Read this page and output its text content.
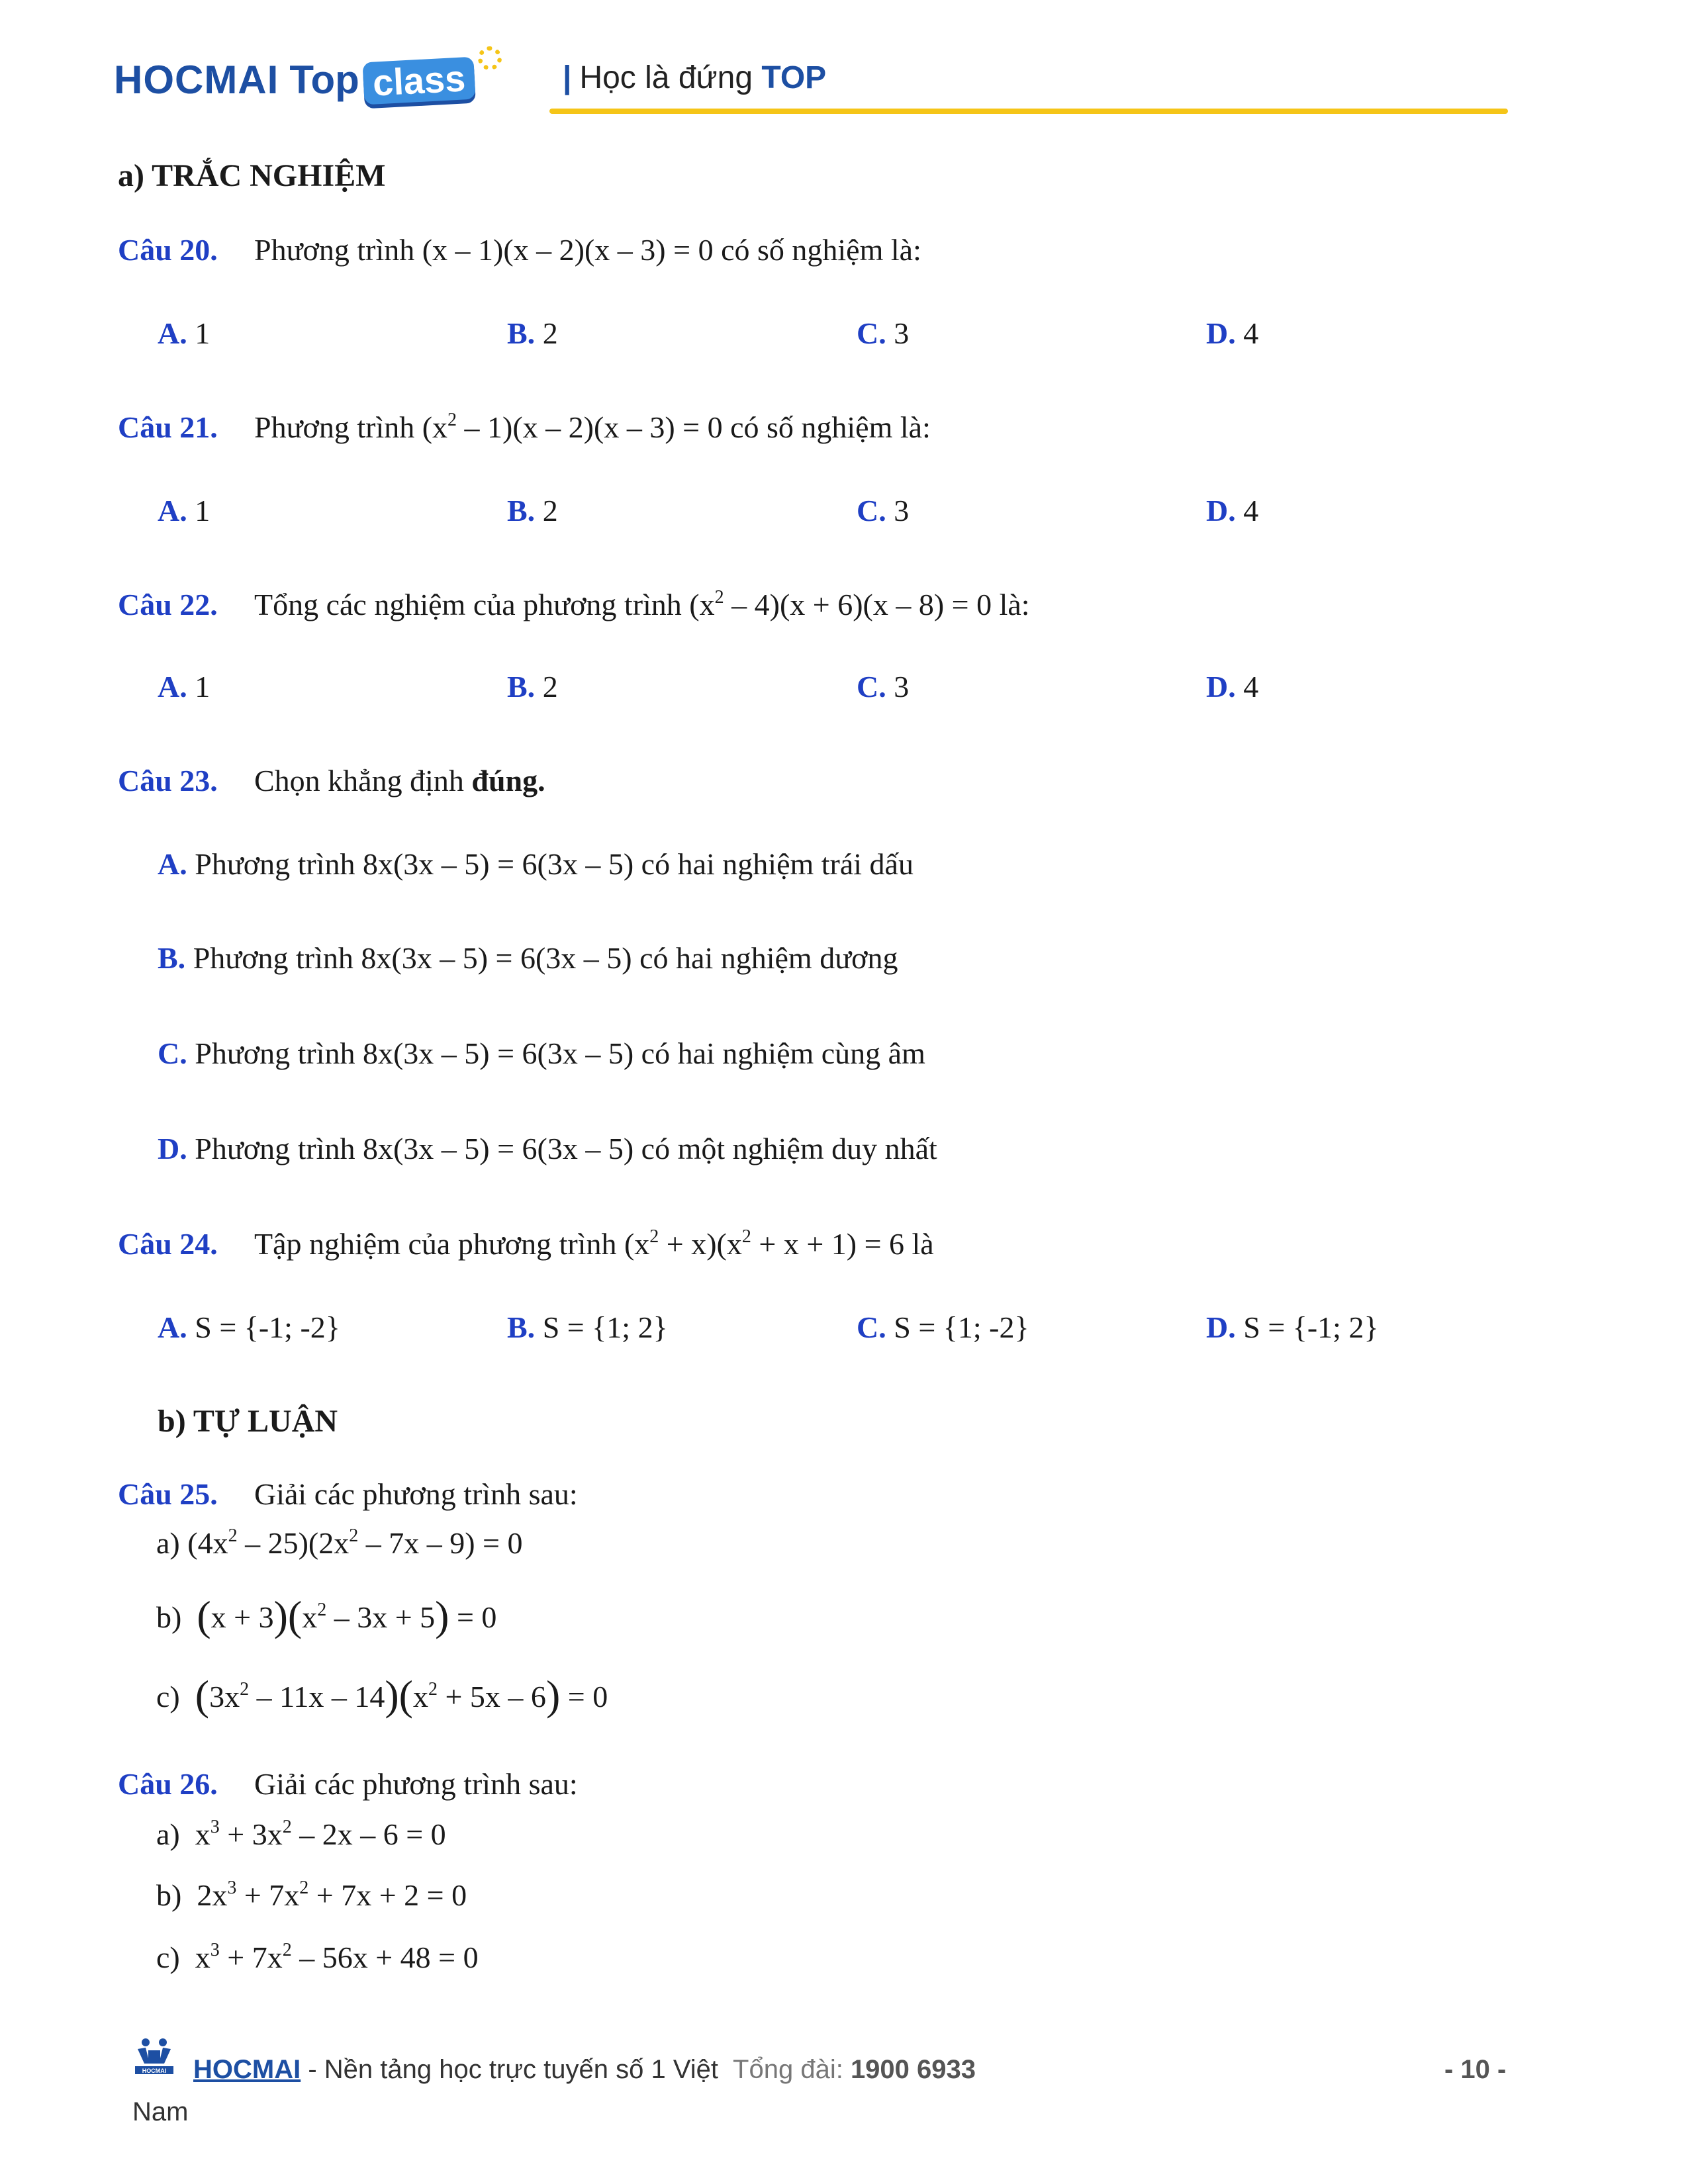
HOCMAI Top class	| Học là đứng TOP
a) TRẮC NGHIỆM
Câu 20. Phương trình (x – 1)(x – 2)(x – 3) = 0 có số nghiệm là:
A. 1	B. 2	C. 3	D. 4
Câu 21. Phương trình $(x^2 - 1)(x - 2)(x - 3) = 0$ có số nghiệm là:
A. 1	B. 2	C. 3	D. 4
Câu 22. Tổng các nghiệm của phương trình $(x^2 - 4)(x + 6)(x - 8) = 0$ là:
A. 1	B. 2	C. 3	D. 4
Câu 23. Chọn khẳng định đúng.
A. Phương trình 8x(3x – 5) = 6(3x – 5) có hai nghiệm trái dấu
B. Phương trình 8x(3x – 5) = 6(3x – 5) có hai nghiệm dương
C. Phương trình 8x(3x – 5) = 6(3x – 5) có hai nghiệm cùng âm
D. Phương trình 8x(3x – 5) = 6(3x – 5) có một nghiệm duy nhất
Câu 24. Tập nghiệm của phương trình $(x^2 + x)(x^2 + x + 1) = 6$ là
A. S = {-1; -2}	B. S = {1; 2}	C. S = {1; -2}	D. S = {-1; 2}
b) TỰ LUẬN
Câu 25. Giải các phương trình sau:
a) $(4x^2 - 25)(2x^2 - 7x - 9) = 0$
b) $(x + 3)(x^2 - 3x + 5) = 0$
c) $(3x^2 - 11x - 14)(x^2 + 5x - 6) = 0$
Câu 26. Giải các phương trình sau:
a) $x^3 + 3x^2 - 2x - 6 = 0$
b) $2x^3 + 7x^2 + 7x + 2 = 0$
c) $x^3 + 7x^2 - 56x + 48 = 0$
HOCMAI HOCMAI - Nền tảng học trực tuyến số 1 Việt Tổng đài: 1900 6933	- 10 -
Nam
